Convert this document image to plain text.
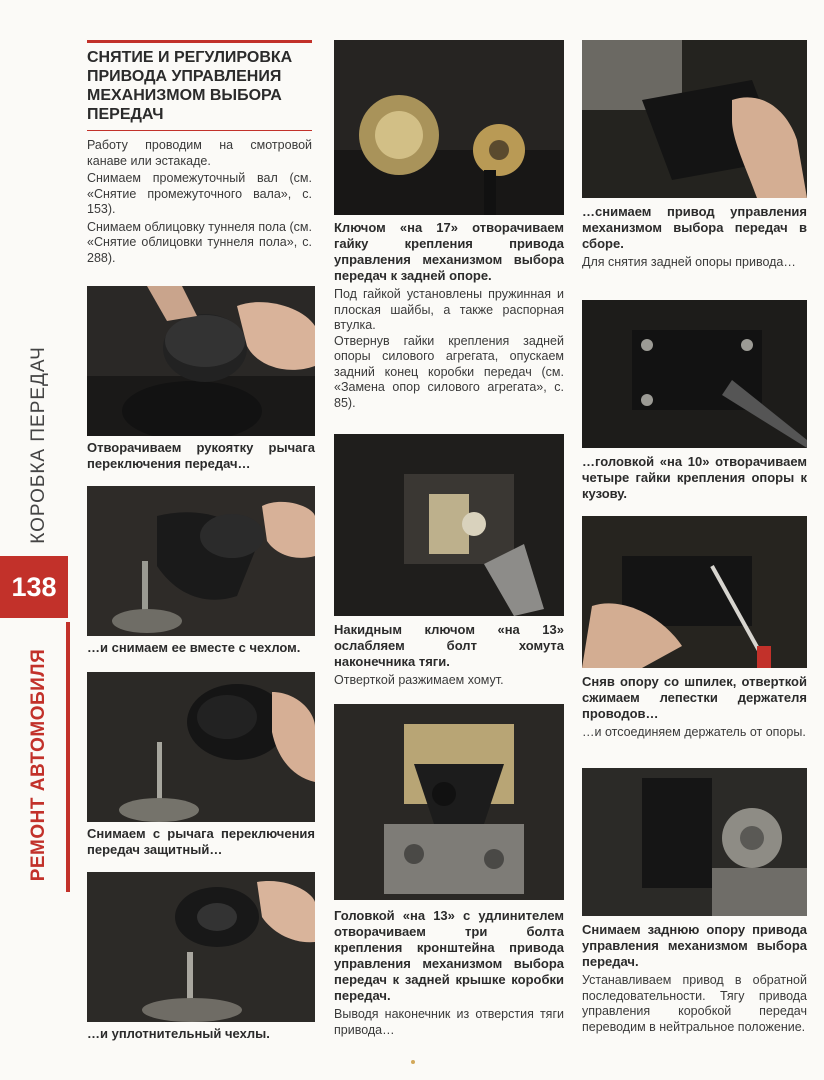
КОРОБКА ПЕРЕДАЧ
138
РЕМОНТ АВТОМОБИЛЯ
СНЯТИЕ И РЕГУЛИРОВКА ПРИВОДА УПРАВЛЕНИЯ МЕХАНИЗМОМ ВЫБОРА ПЕРЕДАЧ

Работу проводим на смотровой канаве или эстакаде.

Снимаем промежуточный вал (см. «Снятие промежуточного вала», с. 153).

Снимаем облицовку туннеля пола (см. «Снятие облицовки туннеля пола», с. 288).

Отворачиваем рукоятку рычага переключения передач…

…и снимаем ее вместе с чехлом.

Снимаем с рычага переключения передач защитный…

…и уплотнительный чехлы.

Ключом «на 17» отворачиваем гайку крепления привода управления механизмом выбора передач к задней опоре.

Под гайкой установлены пружинная и плоская шайбы, а также распорная втулка.

Отвернув гайки крепления задней опоры силового агрегата, опускаем задний конец коробки передач (см. «Замена опор силового агрегата», с. 85).

Накидным ключом «на 13» ослабляем болт хомута наконечника тяги.

Отверткой разжимаем хомут.

Головкой «на 13» с удлинителем отворачиваем три болта крепления кронштейна привода управления механизмом выбора передач к задней крышке коробки передач.

Выводя наконечник из отверстия тяги привода…

…снимаем привод управления механизмом выбора передач в сборе.

Для снятия задней опоры привода…

…головкой «на 10» отворачиваем четыре гайки крепления опоры к кузову.

Сняв опору со шпилек, отверткой сжимаем лепестки держателя проводов…

…и отсоединяем держатель от опоры.

Снимаем заднюю опору привода управления механизмом выбора передач.

Устанавливаем привод в обратной последовательности. Тягу привода управления коробкой передач переводим в нейтральное положение.
